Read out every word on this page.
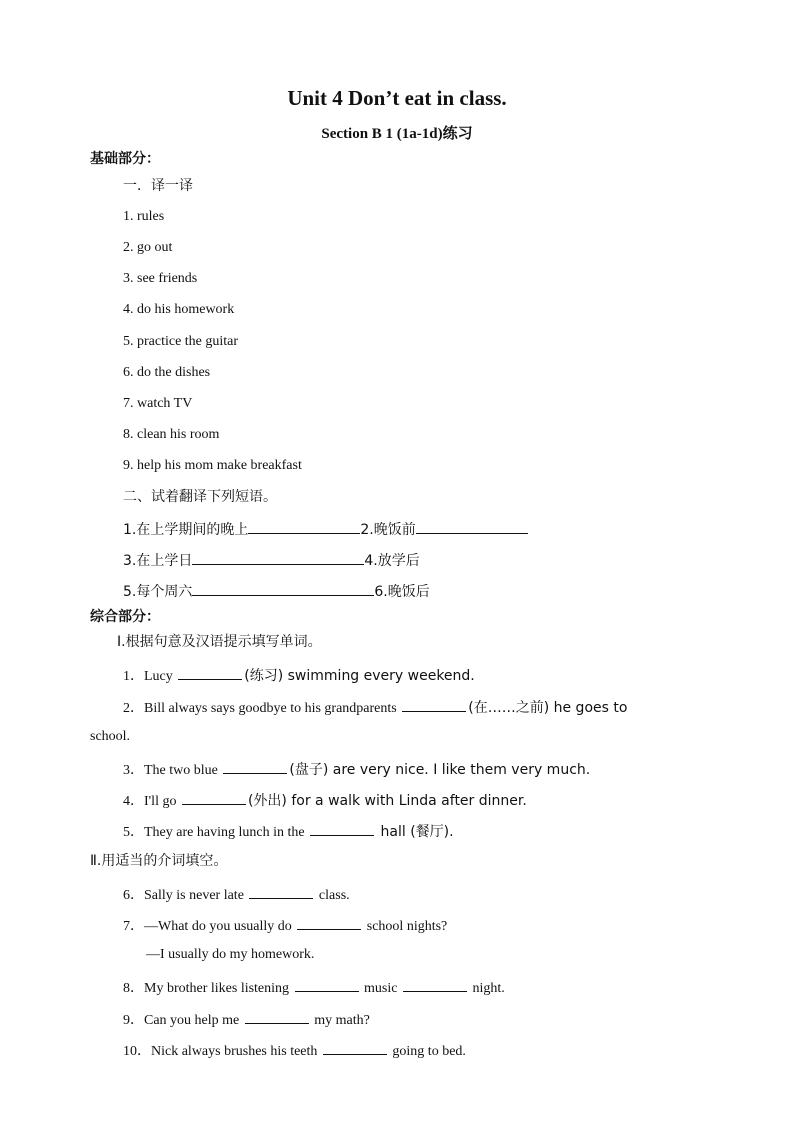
Unit 4 Don’t eat in class.
Section B 1 (1a-1d)练习
基础部分：
一．译一译
1. rules
2. go out
3. see friends
4. do his homework
5. practice the guitar
6. do the dishes
7. watch TV
8. clean his room
9. help his mom make breakfast
二、试着翻译下列短语。
1.在上学期间的晚上	2.晚饭前
3.在上学日	4.放学后
5.每个周六	6.晚饭后
综合部分：
Ⅰ.根据句意及汉语提示填写单词。
1．Lucy	(练习) swimming every weekend.
2．Bill always says goodbye to his grandparents	(在……之前) he goes to
school.
3．The two blue	(盘子) are very nice. I like them very much.
4．I'll go	(外出) for a walk with Linda after dinner.
5．They are having lunch in the	hall (餐厅).
Ⅱ.用适当的介词填空。
6．Sally is never late	class.
7．—What do you usually do	school nights?
—I usually do my homework.
8．My brother likes listening	music	night.
9．Can you help me	my math?
10．Nick always brushes his teeth	going to bed.
